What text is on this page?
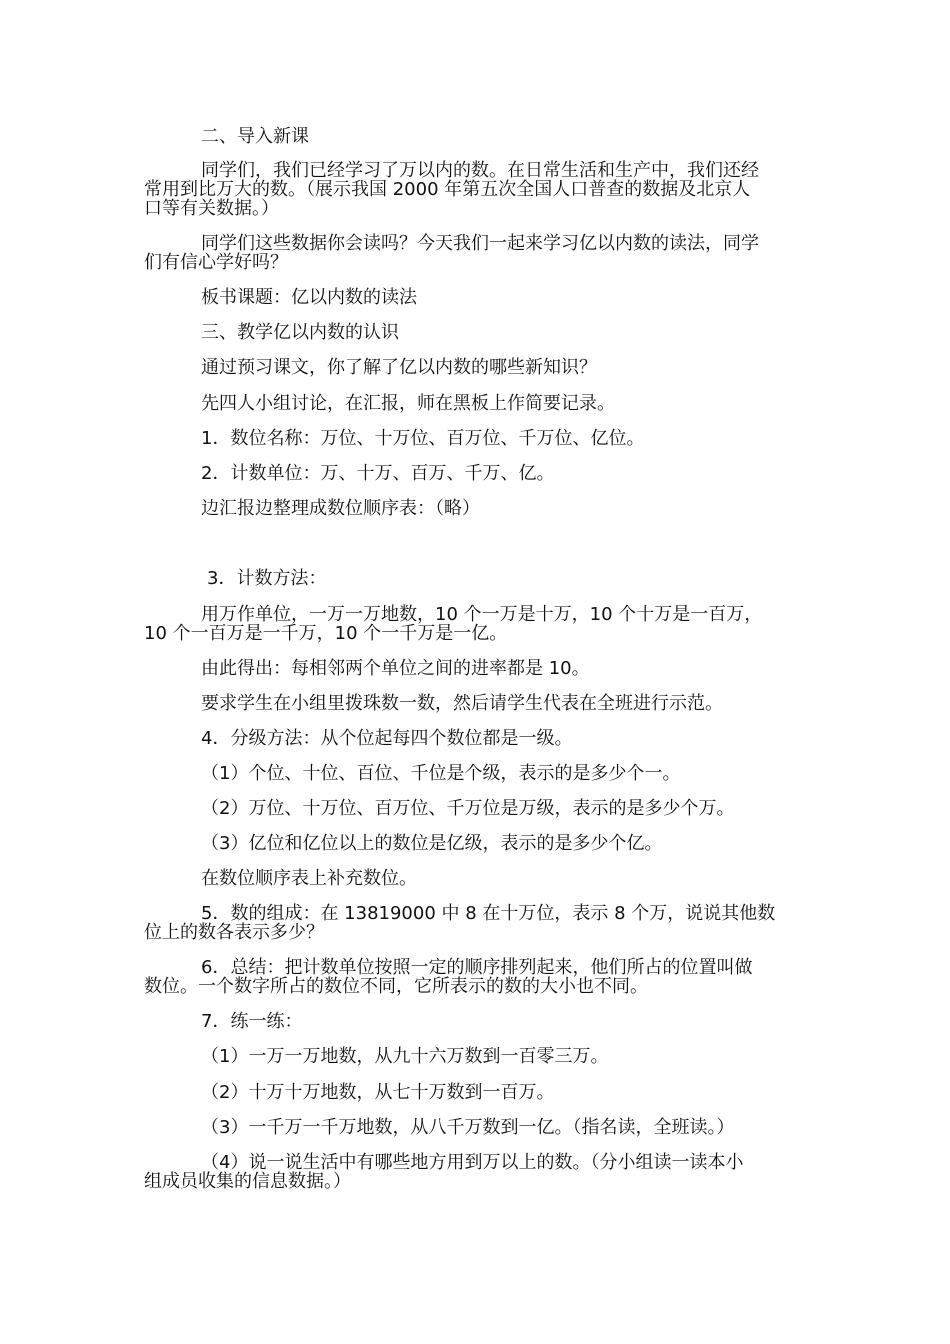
二、导入新课
同学们，我们已经学习了万以内的数。在日常生活和生产中，我们还经
常用到比万大的数。（展示我国 2000 年第五次全国人口普查的数据及北京人
口等有关数据。）
同学们这些数据你会读吗？今天我们一起来学习亿以内数的读法，同学
们有信心学好吗？
板书课题：亿以内数的读法
三、教学亿以内数的认识
通过预习课文，你了解了亿以内数的哪些新知识？
先四人小组讨论，在汇报，师在黑板上作简要记录。
1．数位名称：万位、十万位、百万位、千万位、亿位。
2．计数单位：万、十万、百万、千万、亿。
边汇报边整理成数位顺序表：（略）
3．计数方法：
用万作单位，一万一万地数，10 个一万是十万，10 个十万是一百万，
10 个一百万是一千万，10 个一千万是一亿。
由此得出：每相邻两个单位之间的进率都是 10。
要求学生在小组里拨珠数一数，然后请学生代表在全班进行示范。
4．分级方法：从个位起每四个数位都是一级。
（1）个位、十位、百位、千位是个级，表示的是多少个一。
（2）万位、十万位、百万位、千万位是万级，表示的是多少个万。
（3）亿位和亿位以上的数位是亿级，表示的是多少个亿。
在数位顺序表上补充数位。
5．数的组成：在 13819000 中 8 在十万位，表示 8 个万，说说其他数
位上的数各表示多少？
6．总结：把计数单位按照一定的顺序排列起来，他们所占的位置叫做
数位。一个数字所占的数位不同，它所表示的数的大小也不同。
7．练一练：
（1）一万一万地数，从九十六万数到一百零三万。
（2）十万十万地数，从七十万数到一百万。
（3）一千万一千万地数，从八千万数到一亿。（指名读，全班读。）
（4）说一说生活中有哪些地方用到万以上的数。（分小组读一读本小
组成员收集的信息数据。）
